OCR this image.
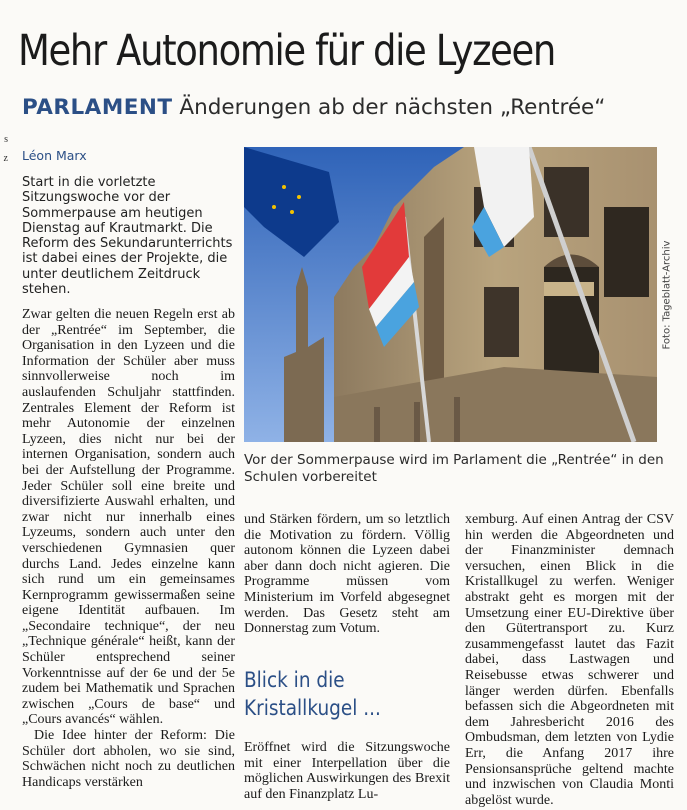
Mehr Autonomie für die Lyzeen
PARLAMENT Änderungen ab der nächsten „Rentrée“
s
z Léon Marx
Start in die vorletzte Sitzungswoche vor der Sommerpause am heutigen Dienstag auf Krautmarkt. Die Reform des Sekundarunterrichts ist dabei eines der Projekte, die unter deutlichem Zeitdruck stehen.

Zwar gelten die neuen Regeln erst ab der „Rentrée“ im September, die Organisation in den Lyzeen und die Information der Schüler aber muss sinnvollerweise noch im auslaufenden Schuljahr stattfinden. Zentrales Element der Reform ist mehr Autonomie der einzelnen Lyzeen, dies nicht nur bei der internen Organisation, sondern auch bei der Aufstellung der Programme. Jeder Schüler soll eine breite und diversifizierte Auswahl erhalten, und zwar nicht nur innerhalb eines Lyzeums, sondern auch unter den verschiedenen Gymnasien quer durchs Land. Jedes einzelne kann sich rund um ein gemeinsames Kernprogramm gewissermaßen seine eigene Identität aufbauen. Im „Secondaire technique“, der neu „Technique générale“ heißt, kann der Schüler entsprechend seiner Vorkenntnisse auf der 6e und der 5e zudem bei Mathematik und Sprachen zwischen „Cours de base“ und „Cours avancés“ wählen.

Die Idee hinter der Reform: Die Schüler dort abholen, wo sie sind, Schwächen nicht noch zu deutlichen Handicaps verstärken

Foto: Tageblatt-Archiv
Vor der Sommerpause wird im Parlament die „Rentrée“ in den Schulen vorbereitet

und Stärken fördern, um so letztlich die Motivation zu fördern. Völlig autonom können die Lyzeen dabei aber dann doch nicht agieren. Die Programme müssen vom Ministerium im Vorfeld abgesegnet werden. Das Gesetz steht am Donnerstag zum Votum.

Blick in die Kristallkugel ...

Eröffnet wird die Sitzungswoche mit einer Interpellation über die möglichen Auswirkungen des Brexit auf den Finanzplatz Lu-

xemburg. Auf einen Antrag der CSV hin werden die Abgeordneten und der Finanzminister demnach versuchen, einen Blick in die Kristallkugel zu werfen. Weniger abstrakt geht es morgen mit der Umsetzung einer EU-Direktive über den Gütertransport zu. Kurz zusammengefasst lautet das Fazit dabei, dass Lastwagen und Reisebusse etwas schwerer und länger werden dürfen. Ebenfalls befassen sich die Abgeordneten mit dem Jahresbericht 2016 des Ombudsman, dem letzten von Lydie Err, die Anfang 2017 ihre Pensionsansprüche geltend machte und inzwischen von Claudia Monti abgelöst wurde.
